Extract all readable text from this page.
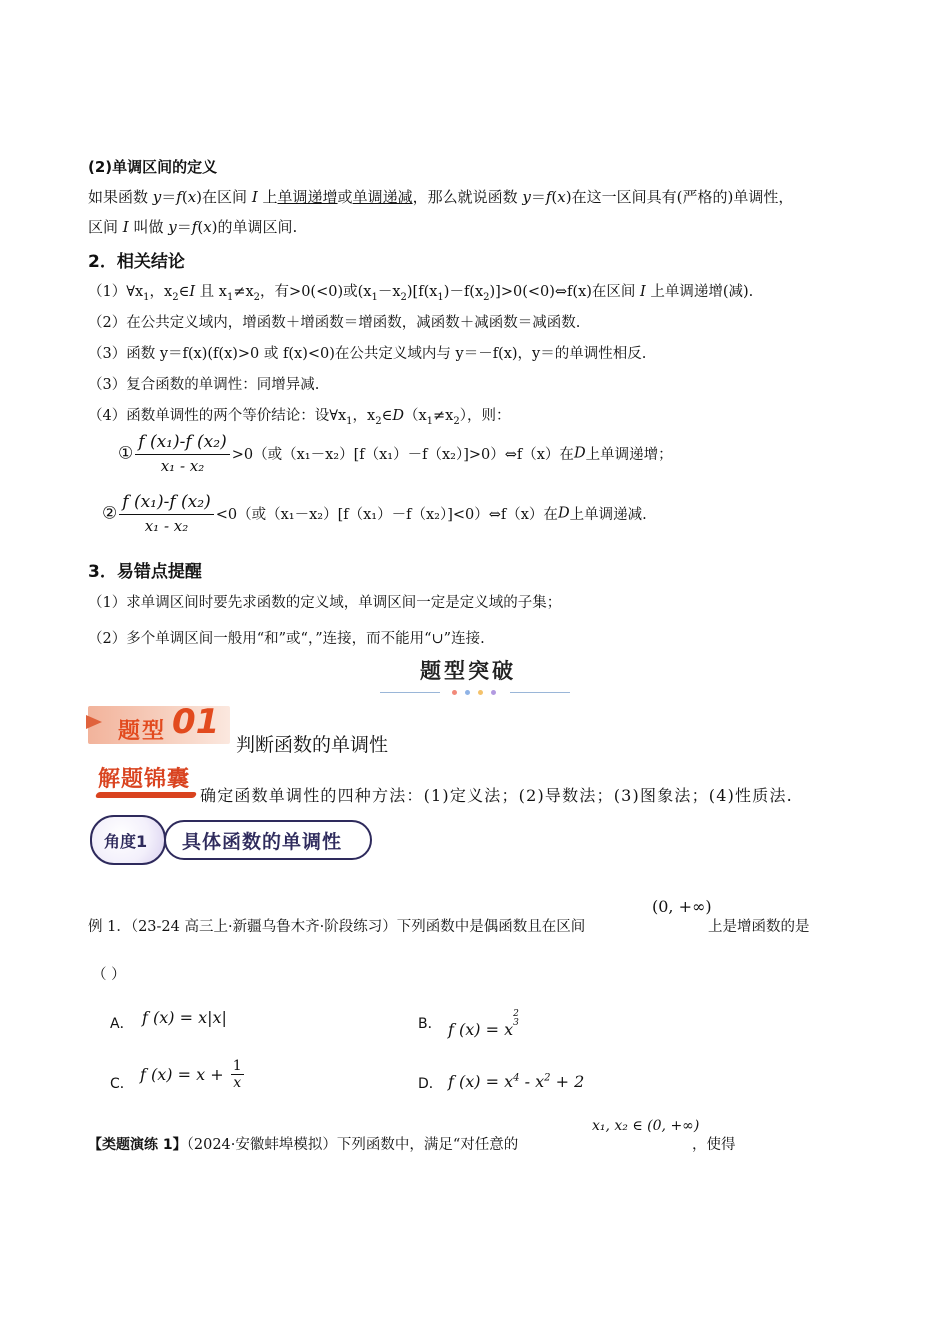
(2)单调区间的定义
如果函数 y＝f(x)在区间 I 上单调递增或单调递减，那么就说函数 y＝f(x)在这一区间具有(严格的)单调性，
区间 I 叫做 y＝f(x)的单调区间.
2．相关结论
$(1)\forall x_1$，$x_2\in I$ 且 $x_1\ne x_2$，有>0(<0)或$(x_1-x_2)[f(x_1)-f(x_2)]>0(<0)\Leftrightarrow f(x)$在区间 I 上单调递增(减).
（2）在公共定义域内，增函数＋增函数＝增函数，减函数＋减函数＝减函数.
（3）函数 y＝f(x)(f(x)>0 或 f(x)<0)在公共定义域内与 y＝－f(x)，y＝的单调性相反.
（3）复合函数的单调性：同增异减.
（4）函数单调性的两个等价结论：设$\forall x_1$，$x_2\in D(x_1\ne x_2)$，则：
① $\frac{\text{f (x₁)-f (x₂)}}{\text{x₁ - x₂}} >0$（或（x₁－x₂）[f（x₁）－f（x₂）]>0）⇔f（x）在D上单调递增；
② $\frac{\text{f (x₁)-f (x₂)}}{\text{x₁ - x₂}} <0$（或（x₁－x₂）[f（x₁）－f（x₂）]<0）⇔f（x）在D上单调递减.
3．易错点提醒
（1）求单调区间时要先求函数的定义域，单调区间一定是定义域的子集；
（2）多个单调区间一般用“和”或“，”连接，而不能用“∪”连接.
题型突破
题型 01
判断函数的单调性
解题锦囊
确定函数单调性的四种方法：(1)定义法；(2)导数法；(3)图象法；(4)性质法.
角度1 具体函数的单调性
例 1．（23-24 高三上·新疆乌鲁木齐·阶段练习）下列函数中是偶函数且在区间
(0, +∞)
上是增函数的是
（ ）
A． f (x) = x|x|	B． f (x) = x
2
3
C． f $(x) = x + \frac{1}{x}$	D． f $(x) = x^4 - x^2 + 2$
【类题演练 1】（2024·安徽蚌埠模拟）下列函数中，满足“对任意的
x₁, x₂ ∈ (0, +∞)
，使得
